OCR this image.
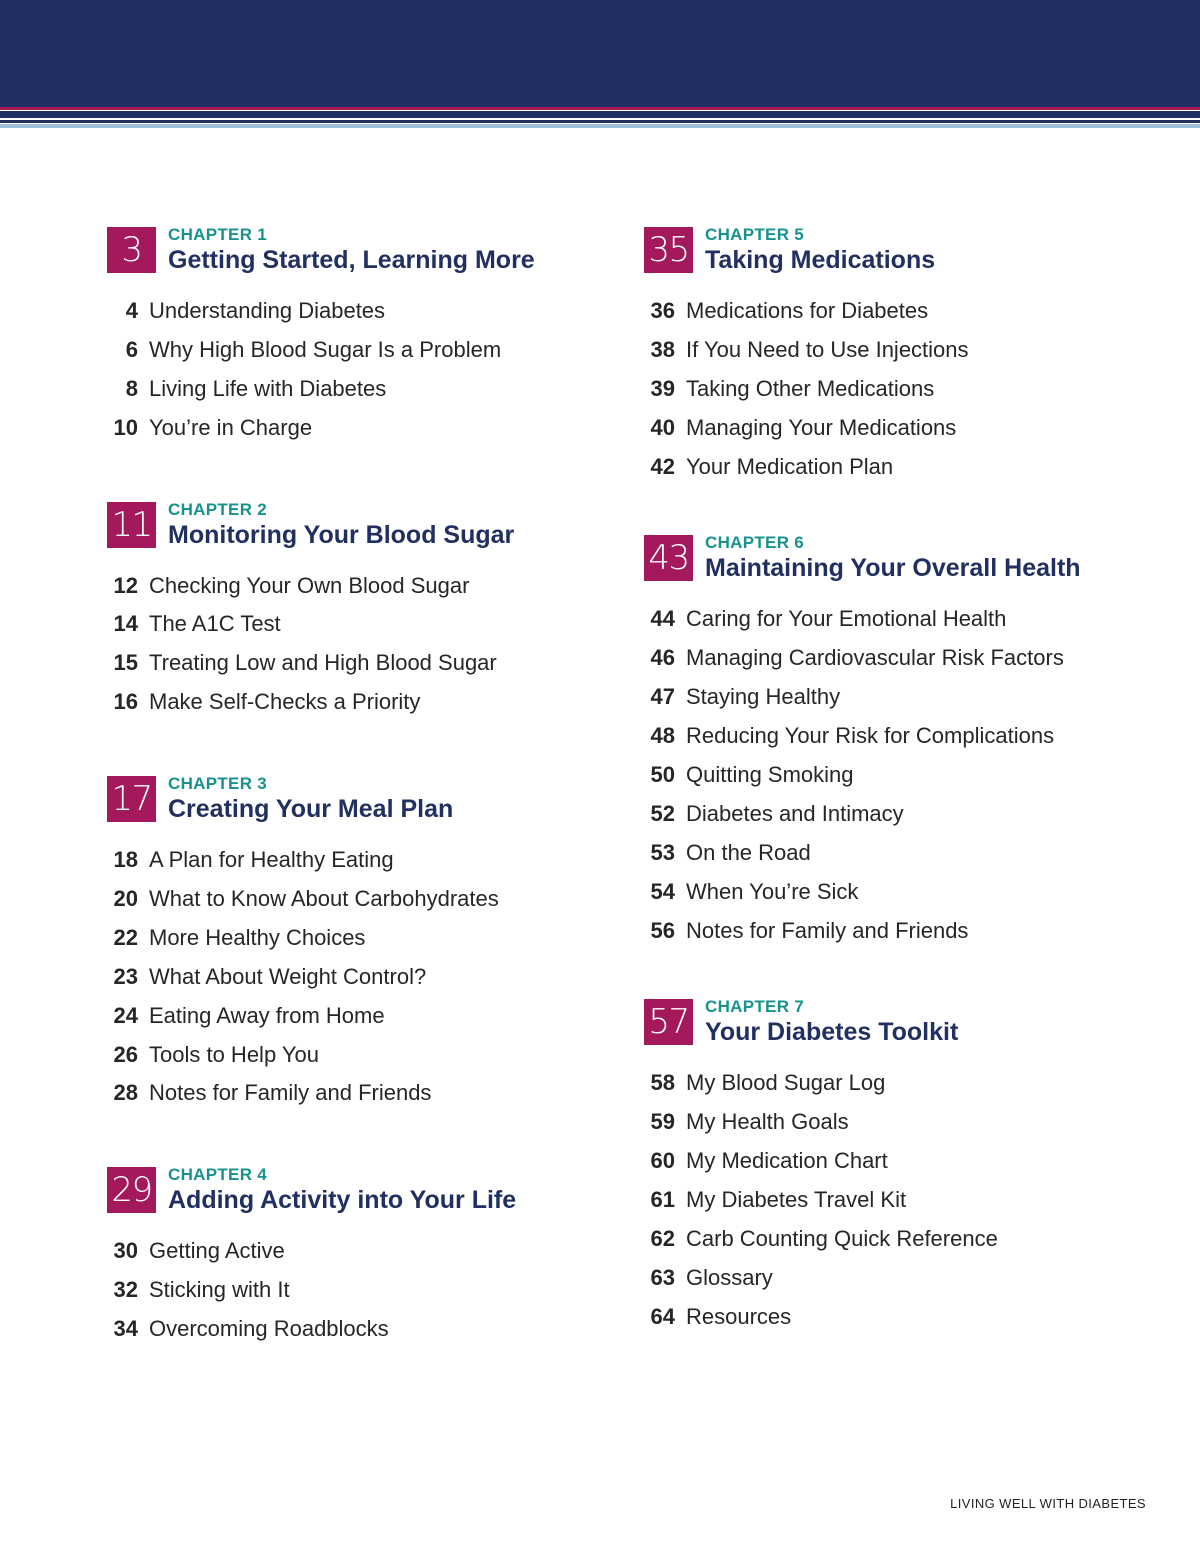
3	CHAPTER 1
Getting Started, Learning More
4 Understanding Diabetes
6 Why High Blood Sugar Is a Problem
8 Living Life with Diabetes
10 You’re in Charge
11 CHAPTER 2
Monitoring Your Blood Sugar
12 Checking Your Own Blood Sugar
14 The A1C Test
15 Treating Low and High Blood Sugar
16 Make Self-Checks a Priority
17 CHAPTER 3
Creating Your Meal Plan
18 A Plan for Healthy Eating
20 What to Know About Carbohydrates
22 More Healthy Choices
23 What About Weight Control?
24 Eating Away from Home
26 Tools to Help You
28 Notes for Family and Friends
29 CHAPTER 4
Adding Activity into Your Life
30 Getting Active
32 Sticking with It
34 Overcoming Roadblocks
35 CHAPTER 5
Taking Medications
36 Medications for Diabetes
38 If You Need to Use Injections
39 Taking Other Medications
40 Managing Your Medications
42 Your Medication Plan
43 CHAPTER 6
Maintaining Your Overall Health
44 Caring for Your Emotional Health
46 Managing Cardiovascular Risk Factors
47 Staying Healthy
48 Reducing Your Risk for Complications
50 Quitting Smoking
52 Diabetes and Intimacy
53 On the Road
54 When You’re Sick
56 Notes for Family and Friends
57 CHAPTER 7
Your Diabetes Toolkit
58 My Blood Sugar Log
59 My Health Goals
60 My Medication Chart
61 My Diabetes Travel Kit
62 Carb Counting Quick Reference
63 Glossary
64 Resources
LIVING WELL WITH DIABETES
